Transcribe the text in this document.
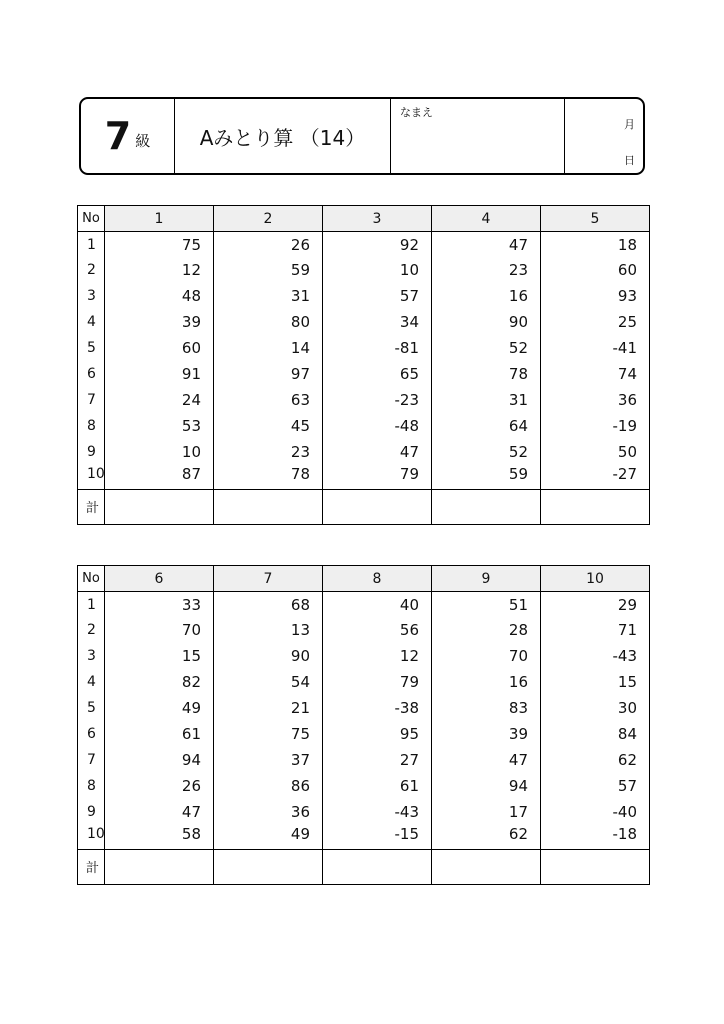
7 級	Aみとり算 （14）
なまえ
月
日
No	1	2	3	4	5
1	75	26	92	47	18
2	12	59	10	23	60
3	48	31	57	16	93
4	39	80	34	90	25
5	60	14	-81	52	-41
6	91	97	65	78	74
7	24	63	-23	31	36
8	53	45	-48	64	-19
9	10	23	47	52	50
10	87	78	79	59	-27
計					
No	6	7	8	9	10
1	33	68	40	51	29
2	70	13	56	28	71
3	15	90	12	70	-43
4	82	54	79	16	15
5	49	21	-38	83	30
6	61	75	95	39	84
7	94	37	27	47	62
8	26	86	61	94	57
9	47	36	-43	17	-40
10	58	49	-15	62	-18
計					
